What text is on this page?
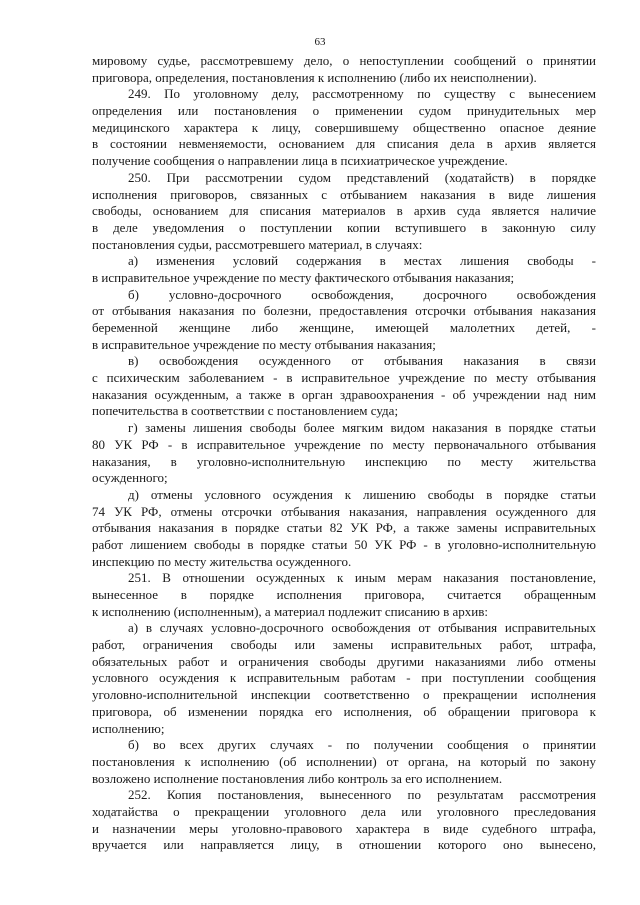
63
мировому судье, рассмотревшему дело, о непоступлении сообщений о принятии
приговора, определения, постановления к исполнению (либо их неисполнении).
249. По уголовному делу, рассмотренному по существу с вынесением
определения или постановления о применении судом принудительных мер
медицинского характера к лицу, совершившему общественно опасное деяние
в состоянии невменяемости, основанием для списания дела в архив является
получение сообщения о направлении лица в психиатрическое учреждение.
250. При рассмотрении судом представлений (ходатайств) в порядке
исполнения приговоров, связанных с отбыванием наказания в виде лишения
свободы, основанием для списания материалов в архив суда является наличие
в деле уведомления о поступлении копии вступившего в законную силу
постановления судьи, рассмотревшего материал, в случаях:
а) изменения условий содержания в местах лишения свободы -
в исправительное учреждение по месту фактического отбывания наказания;
б) условно-досрочного освобождения, досрочного освобождения
от отбывания наказания по болезни, предоставления отсрочки отбывания наказания
беременной женщине либо женщине, имеющей малолетних детей, -
в исправительное учреждение по месту отбывания наказания;
в) освобождения осужденного от отбывания наказания в связи
с психическим заболеванием - в исправительное учреждение по месту отбывания
наказания осужденным, а также в орган здравоохранения - об учреждении над ним
попечительства в соответствии с постановлением суда;
г) замены лишения свободы более мягким видом наказания в порядке статьи
80 УК РФ - в исправительное учреждение по месту первоначального отбывания
наказания, в уголовно-исполнительную инспекцию по месту жительства
осужденного;
д) отмены условного осуждения к лишению свободы в порядке статьи
74 УК РФ, отмены отсрочки отбывания наказания, направления осужденного для
отбывания наказания в порядке статьи 82 УК РФ, а также замены исправительных
работ лишением свободы в порядке статьи 50 УК РФ - в уголовно-исполнительную
инспекцию по месту жительства осужденного.
251. В отношении осужденных к иным мерам наказания постановление,
вынесенное в порядке исполнения приговора, считается обращенным
к исполнению (исполненным), а материал подлежит списанию в архив:
а) в случаях условно-досрочного освобождения от отбывания исправительных
работ, ограничения свободы или замены исправительных работ, штрафа,
обязательных работ и ограничения свободы другими наказаниями либо отмены
условного осуждения к исправительным работам - при поступлении сообщения
уголовно-исполнительной инспекции соответственно о прекращении исполнения
приговора, об изменении порядка его исполнения, об обращении приговора к
исполнению;
б) во всех других случаях - по получении сообщения о принятии
постановления к исполнению (об исполнении) от органа, на который по закону
возложено исполнение постановления либо контроль за его исполнением.
252. Копия постановления, вынесенного по результатам рассмотрения
ходатайства о прекращении уголовного дела или уголовного преследования
и назначении меры уголовно-правового характера в виде судебного штрафа,
вручается или направляется лицу, в отношении которого оно вынесено,
